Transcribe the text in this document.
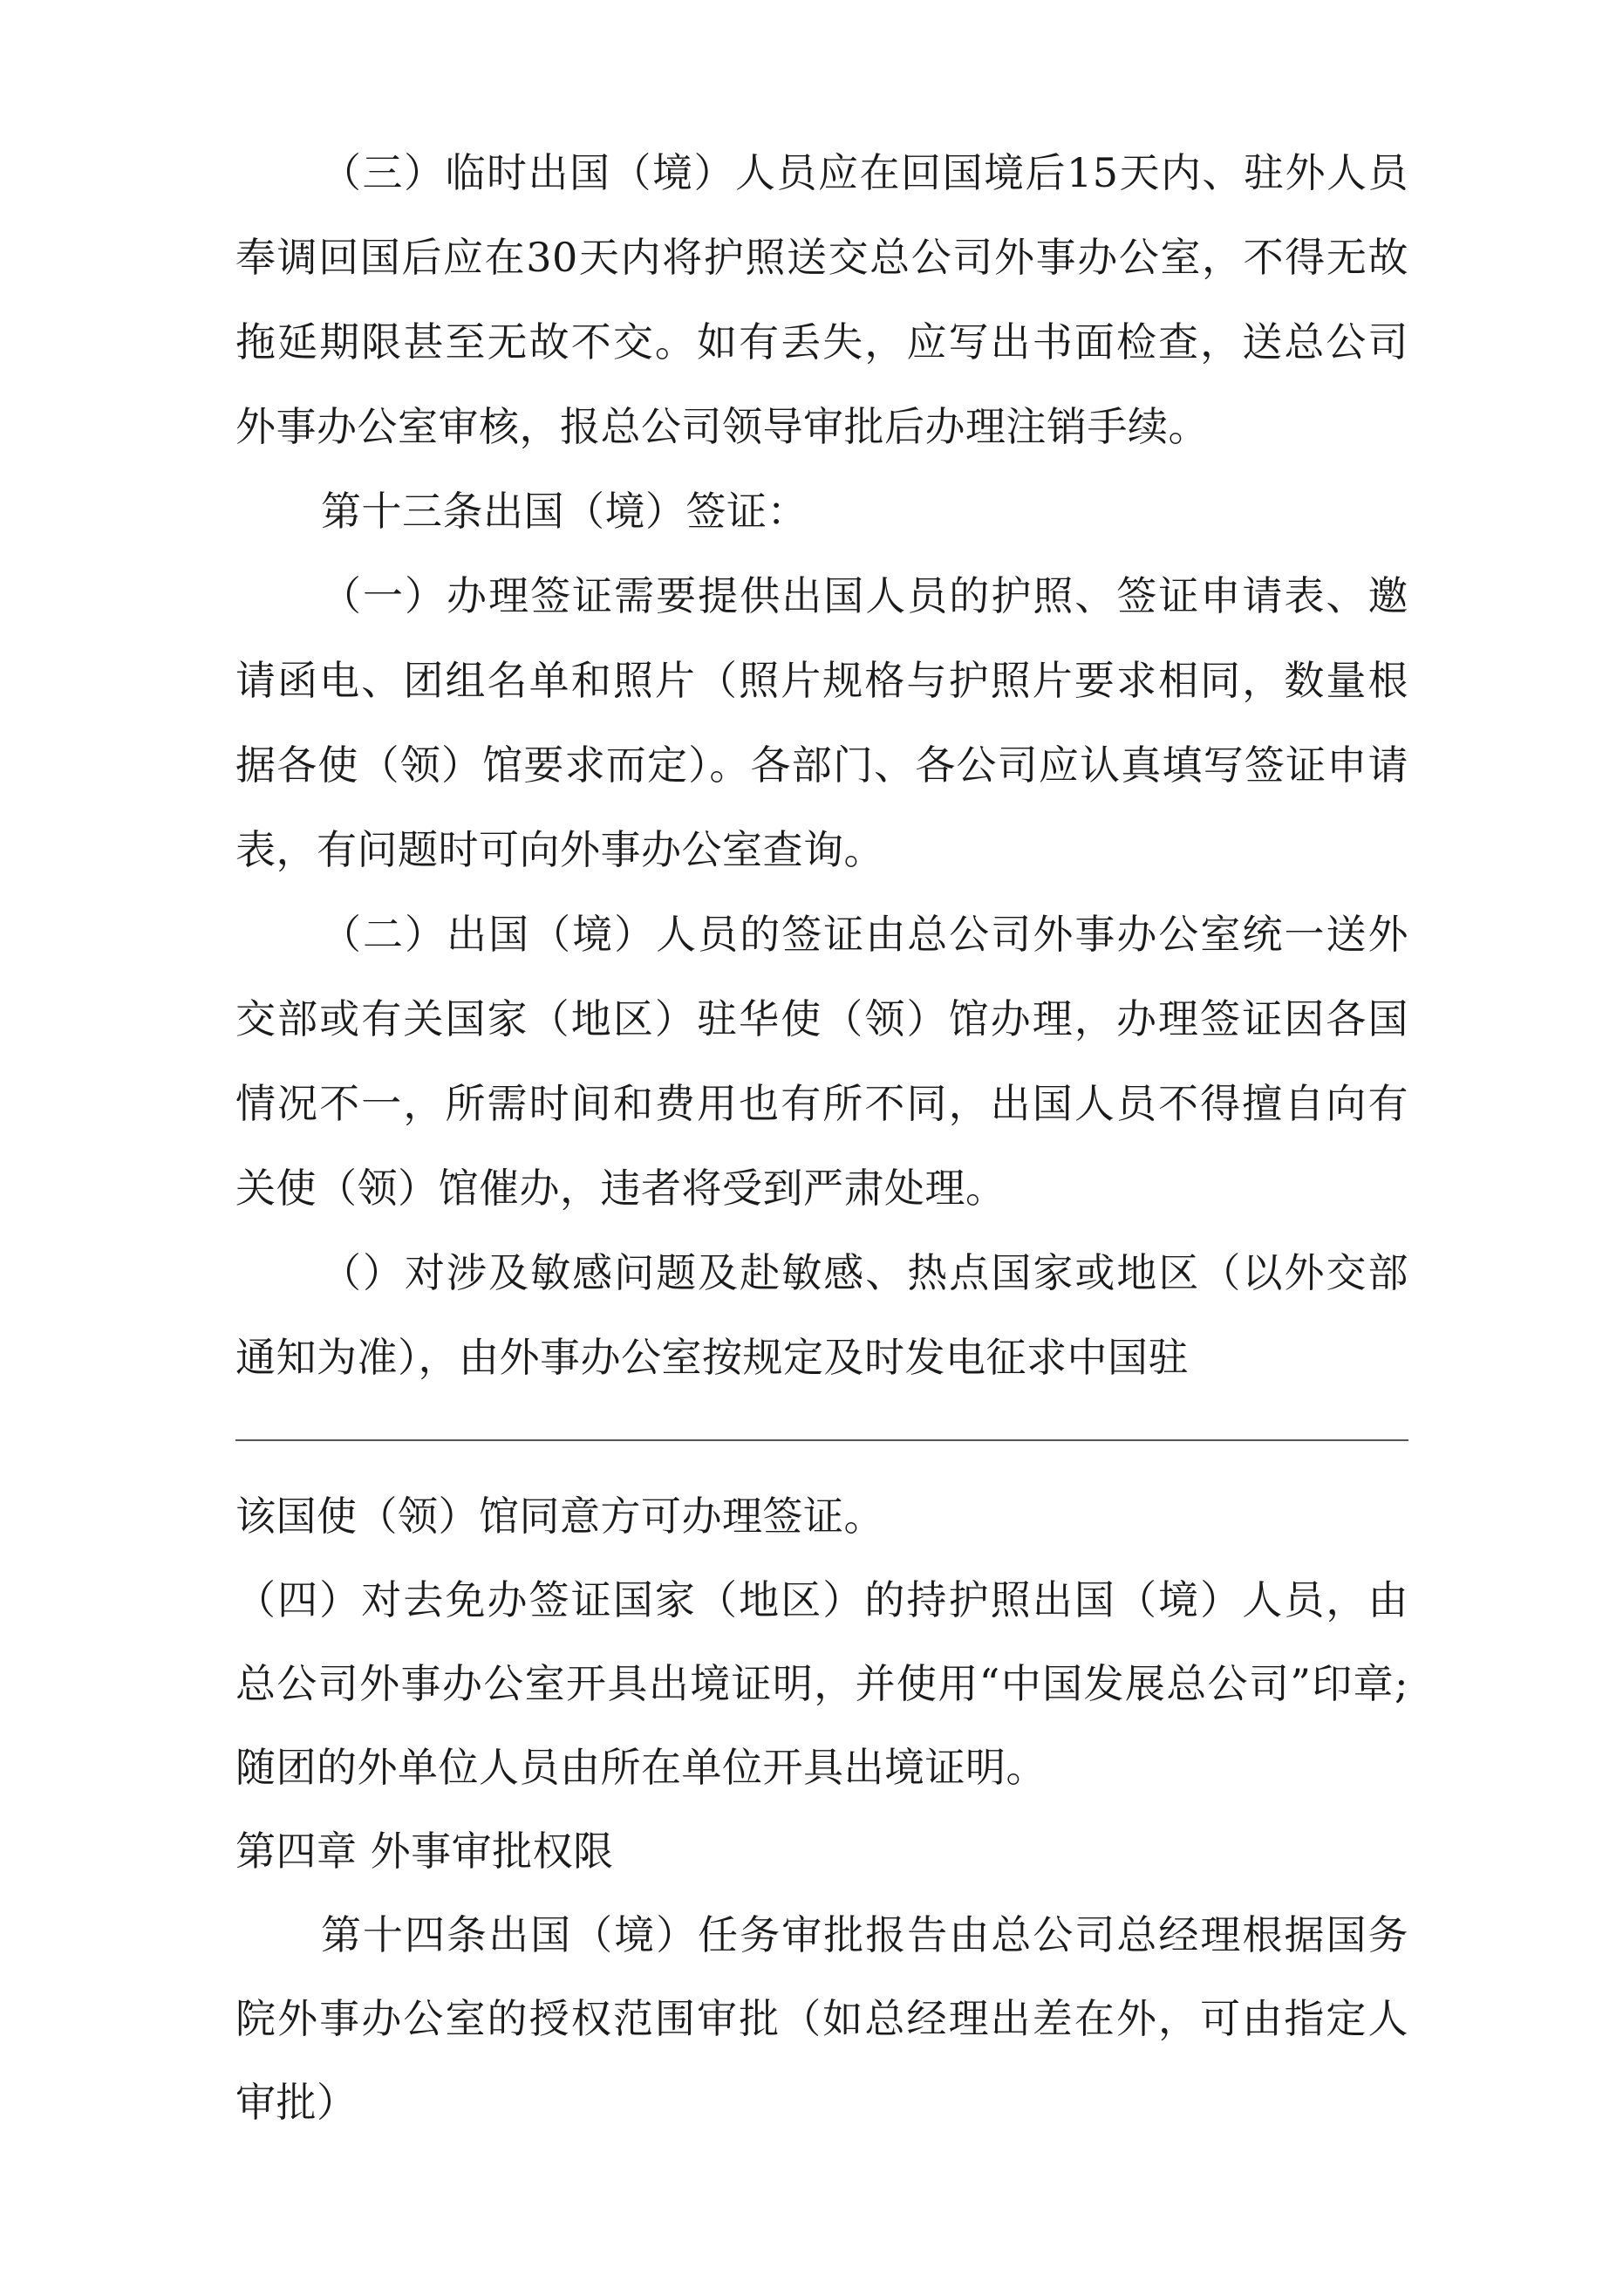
（三）临时出国（境）人员应在回国境后15天内、驻外人员奉调回国后应在30天内将护照送交总公司外事办公室，不得无故拖延期限甚至无故不交。如有丢失，应写出书面检查，送总公司外事办公室审核，报总公司领导审批后办理注销手续。

第十三条出国（境）签证：

（一）办理签证需要提供出国人员的护照、签证申请表、邀请函电、团组名单和照片（照片规格与护照片要求相同，数量根据各使（领）馆要求而定）。各部门、各公司应认真填写签证申请表，有问题时可向外事办公室查询。

（二）出国（境）人员的签证由总公司外事办公室统一送外交部或有关国家（地区）驻华使（领）馆办理，办理签证因各国情况不一，所需时间和费用也有所不同，出国人员不得擅自向有关使（领）馆催办，违者将受到严肃处理。

（）对涉及敏感问题及赴敏感、热点国家或地区（以外交部通知为准），由外事办公室按规定及时发电征求中国驻

该国使（领）馆同意方可办理签证。

（四）对去免办签证国家（地区）的持护照出国（境）人员，由总公司外事办公室开具出境证明，并使用“中国发展总公司”印章;随团的外单位人员由所在单位开具出境证明。

第四章 外事审批权限

第十四条出国（境）任务审批报告由总公司总经理根据国务院外事办公室的授权范围审批（如总经理出差在外，可由指定人审批）
